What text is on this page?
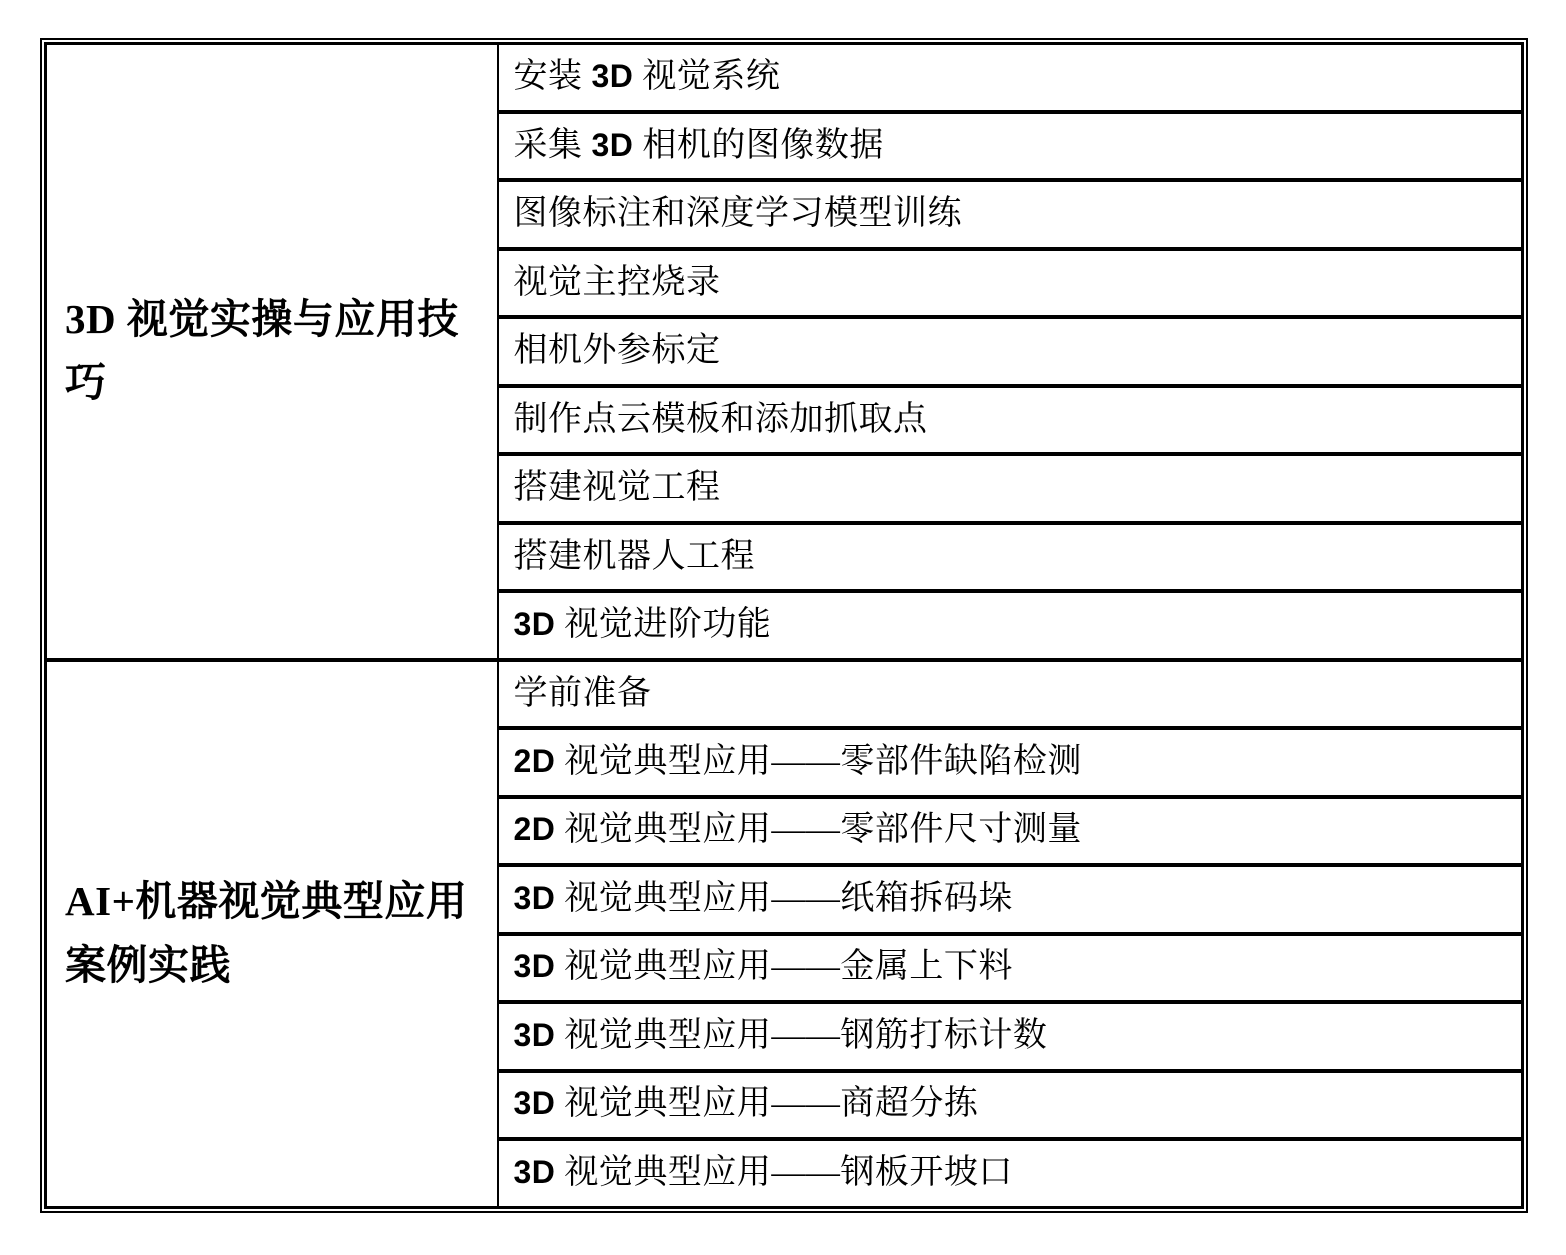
3D 视觉实操与应用技巧	安装 3D 视觉系统
	采集 3D 相机的图像数据
	图像标注和深度学习模型训练
	视觉主控烧录
	相机外参标定
	制作点云模板和添加抓取点
	搭建视觉工程
	搭建机器人工程
	3D 视觉进阶功能
AI+机器视觉典型应用案例实践	学前准备
	2D 视觉典型应用——零部件缺陷检测
	2D 视觉典型应用——零部件尺寸测量
	3D 视觉典型应用——纸箱拆码垛
	3D 视觉典型应用——金属上下料
	3D 视觉典型应用——钢筋打标计数
	3D 视觉典型应用——商超分拣
	3D 视觉典型应用——钢板开坡口
